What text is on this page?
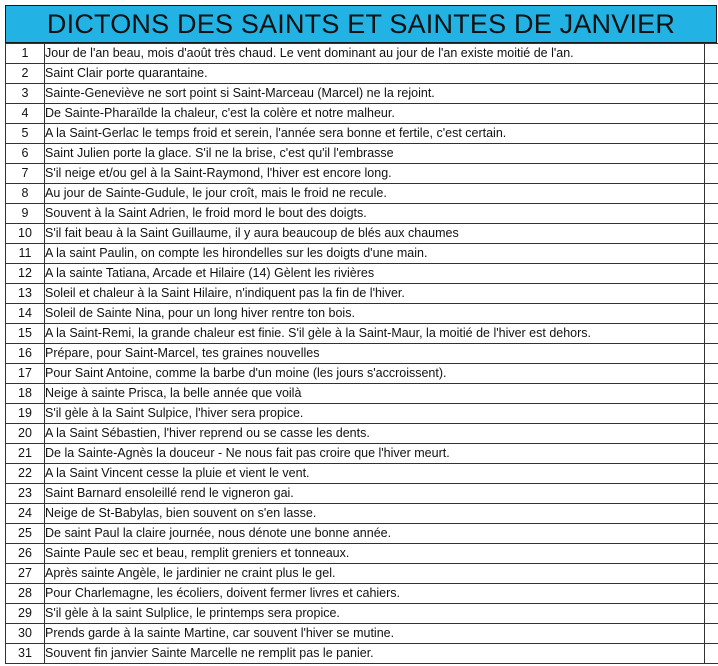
DICTONS DES SAINTS ET SAINTES DE JANVIER
1	Jour de l'an beau, mois d'août très chaud. Le vent dominant au jour de l'an existe moitié de l'an.	
2	Saint Clair porte quarantaine.	
3	Sainte-Geneviève ne sort point si Saint-Marceau (Marcel) ne la rejoint.	
4	De Sainte-Pharaïlde la chaleur, c'est la colère et notre malheur.	
5	A la Saint-Gerlac le temps froid et serein, l'année sera bonne et fertile, c'est certain.	
6	Saint Julien porte la glace. S'il ne la brise, c'est qu'il l'embrasse	
7	S'il neige et/ou gel à la Saint-Raymond, l'hiver est encore long.	
8	Au jour de Sainte-Gudule, le jour croît, mais le froid ne recule.	
9	Souvent à la Saint Adrien, le froid mord le bout des doigts.	
10	S'il fait beau à la Saint Guillaume, il y aura beaucoup de blés aux chaumes	
11	A la saint Paulin, on compte les hirondelles sur les doigts d'une main.	
12	A la sainte Tatiana, Arcade et Hilaire (14) Gèlent les rivières	
13	Soleil et chaleur à la Saint Hilaire, n'indiquent pas la fin de l'hiver.	
14	Soleil de Sainte Nina, pour un long hiver rentre ton bois.	
15	A la Saint-Remi, la grande chaleur est finie. S'il gèle à la Saint-Maur, la moitié de l'hiver est dehors.	
16	Prépare, pour Saint-Marcel, tes graines nouvelles	
17	Pour Saint Antoine, comme la barbe d'un moine (les jours s'accroissent).	
18	Neige à sainte Prisca, la belle année que voilà	
19	S'il gèle à la Saint Sulpice, l'hiver sera propice.	
20	A la Saint Sébastien, l'hiver reprend ou se casse les dents.	
21	De la Sainte-Agnès la douceur - Ne nous fait pas croire que l'hiver meurt.	
22	A la Saint Vincent cesse la pluie et vient le vent.	
23	Saint Barnard ensoleillé rend le vigneron gai.	
24	Neige de St-Babylas, bien souvent on s'en lasse.	
25	De saint Paul la claire journée, nous dénote une bonne année.	
26	Sainte Paule sec et beau, remplit greniers et tonneaux.	
27	Après sainte Angèle, le jardinier ne craint plus le gel.	
28	Pour Charlemagne, les écoliers, doivent fermer livres et cahiers.	
29	S'il gèle à la saint Sulplice, le printemps sera propice.	
30	Prends garde à la sainte Martine, car souvent l'hiver se mutine.	
31	Souvent fin janvier Sainte Marcelle ne remplit pas le panier.	
